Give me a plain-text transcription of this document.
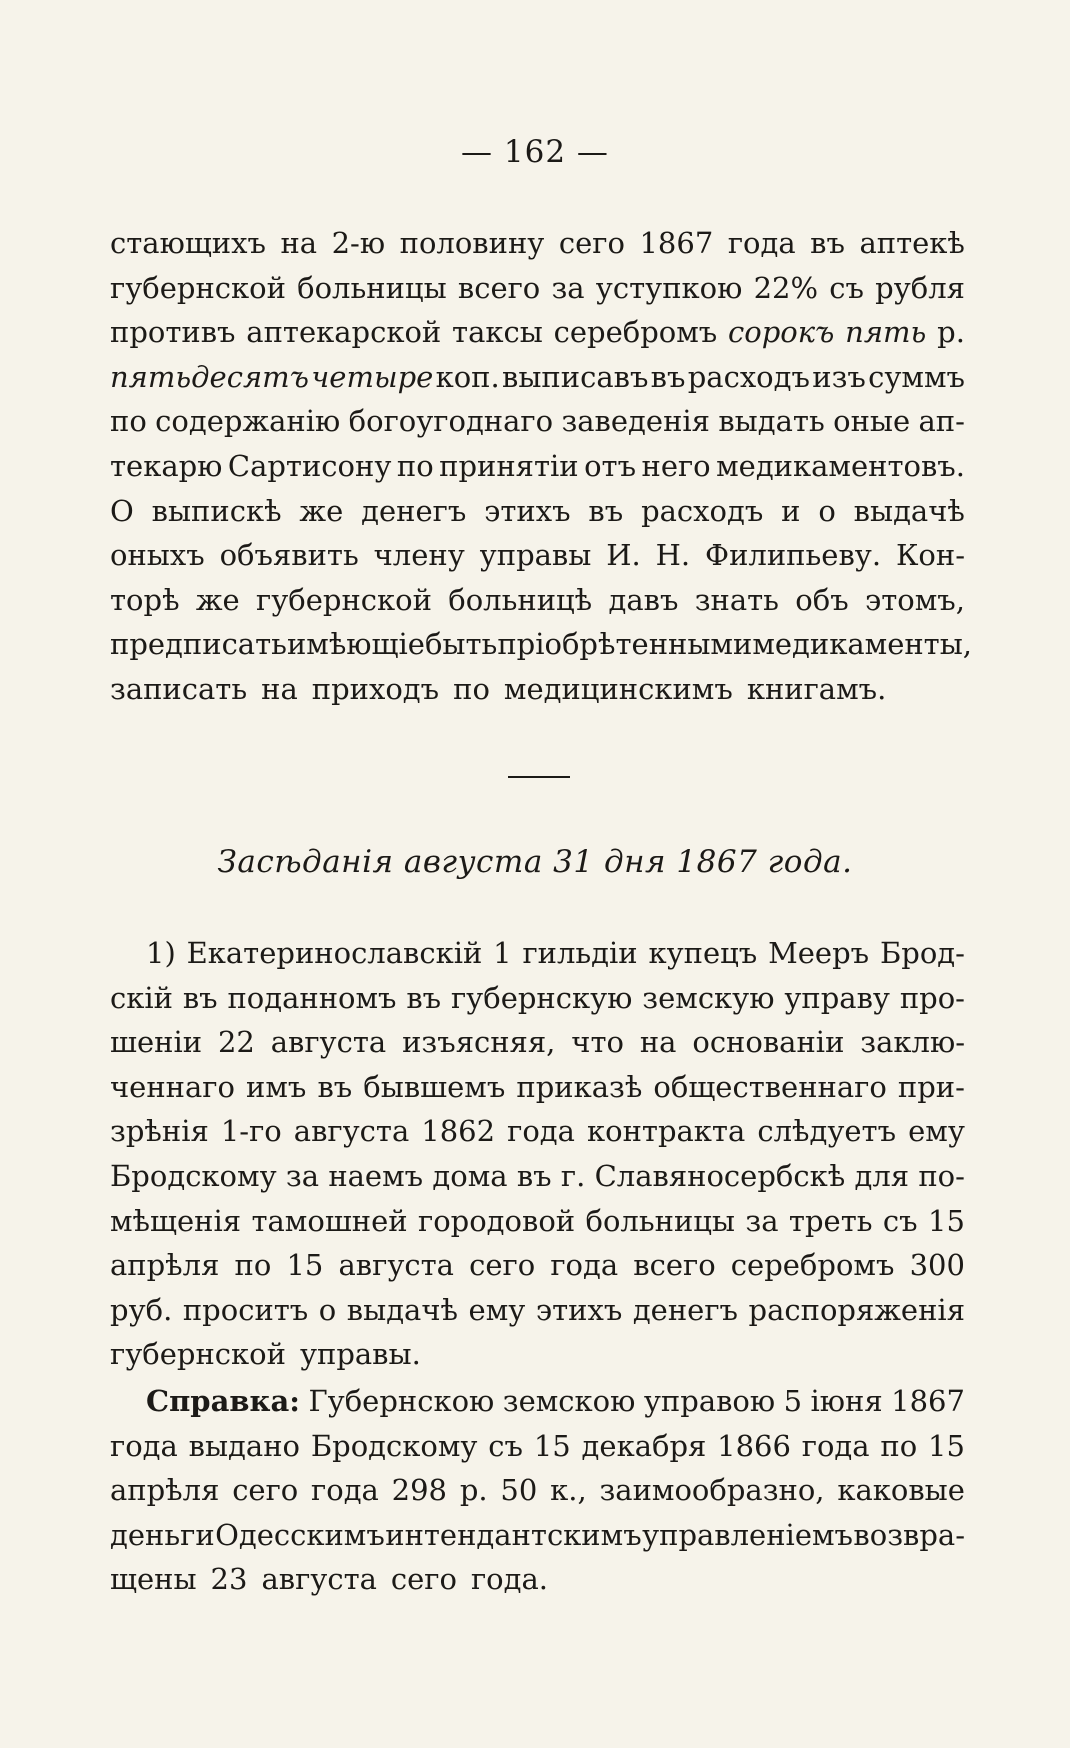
— 162 —
стающихъ на 2-ю половину сего 1867 года въ аптекѣ
губернской больницы всего за уступкою 22% съ рубля
противъ аптекарской таксы серебромъ сорокъ пять р.
пятьдесятъ четыре коп. выписавъ въ расходъ изъ суммъ
по содержанію богоугоднаго заведенія выдать оные ап-
текарю Сартисону по принятіи отъ него медикаментовъ.
О выпискѣ же денегъ этихъ въ расходъ и о выдачѣ
оныхъ объявить члену управы И. Н. Филипьеву. Кон-
торѣ же губернской больницѣ давъ знать объ этомъ,
предписать имѣющіе быть пріобрѣтенными медикаменты,
записать на приходъ по медицинскимъ книгамъ.
Засѣданія августа 31 дня 1867 года.
1) Екатеринославскій 1 гильдіи купецъ Мееръ Брод-
скій въ поданномъ въ губернскую земскую управу про-
шеніи 22 августа изъясняя, что на основаніи заклю-
ченнаго имъ въ бывшемъ приказѣ общественнаго при-
зрѣнія 1-го августа 1862 года контракта слѣдуетъ ему
Бродскому за наемъ дома въ г. Славяносербскѣ для по-
мѣщенія тамошней городовой больницы за треть съ 15
апрѣля по 15 августа сего года всего серебромъ 300
руб. проситъ о выдачѣ ему этихъ денегъ распоряженія
губернской управы.
Справка: Губернскою земскою управою 5 іюня 1867
года выдано Бродскому съ 15 декабря 1866 года по 15
апрѣля сего года 298 р. 50 к., заимообразно, каковые
деньги Одесскимъ интендантскимъ управленіемъ возвра-
щены 23 августа сего года.
